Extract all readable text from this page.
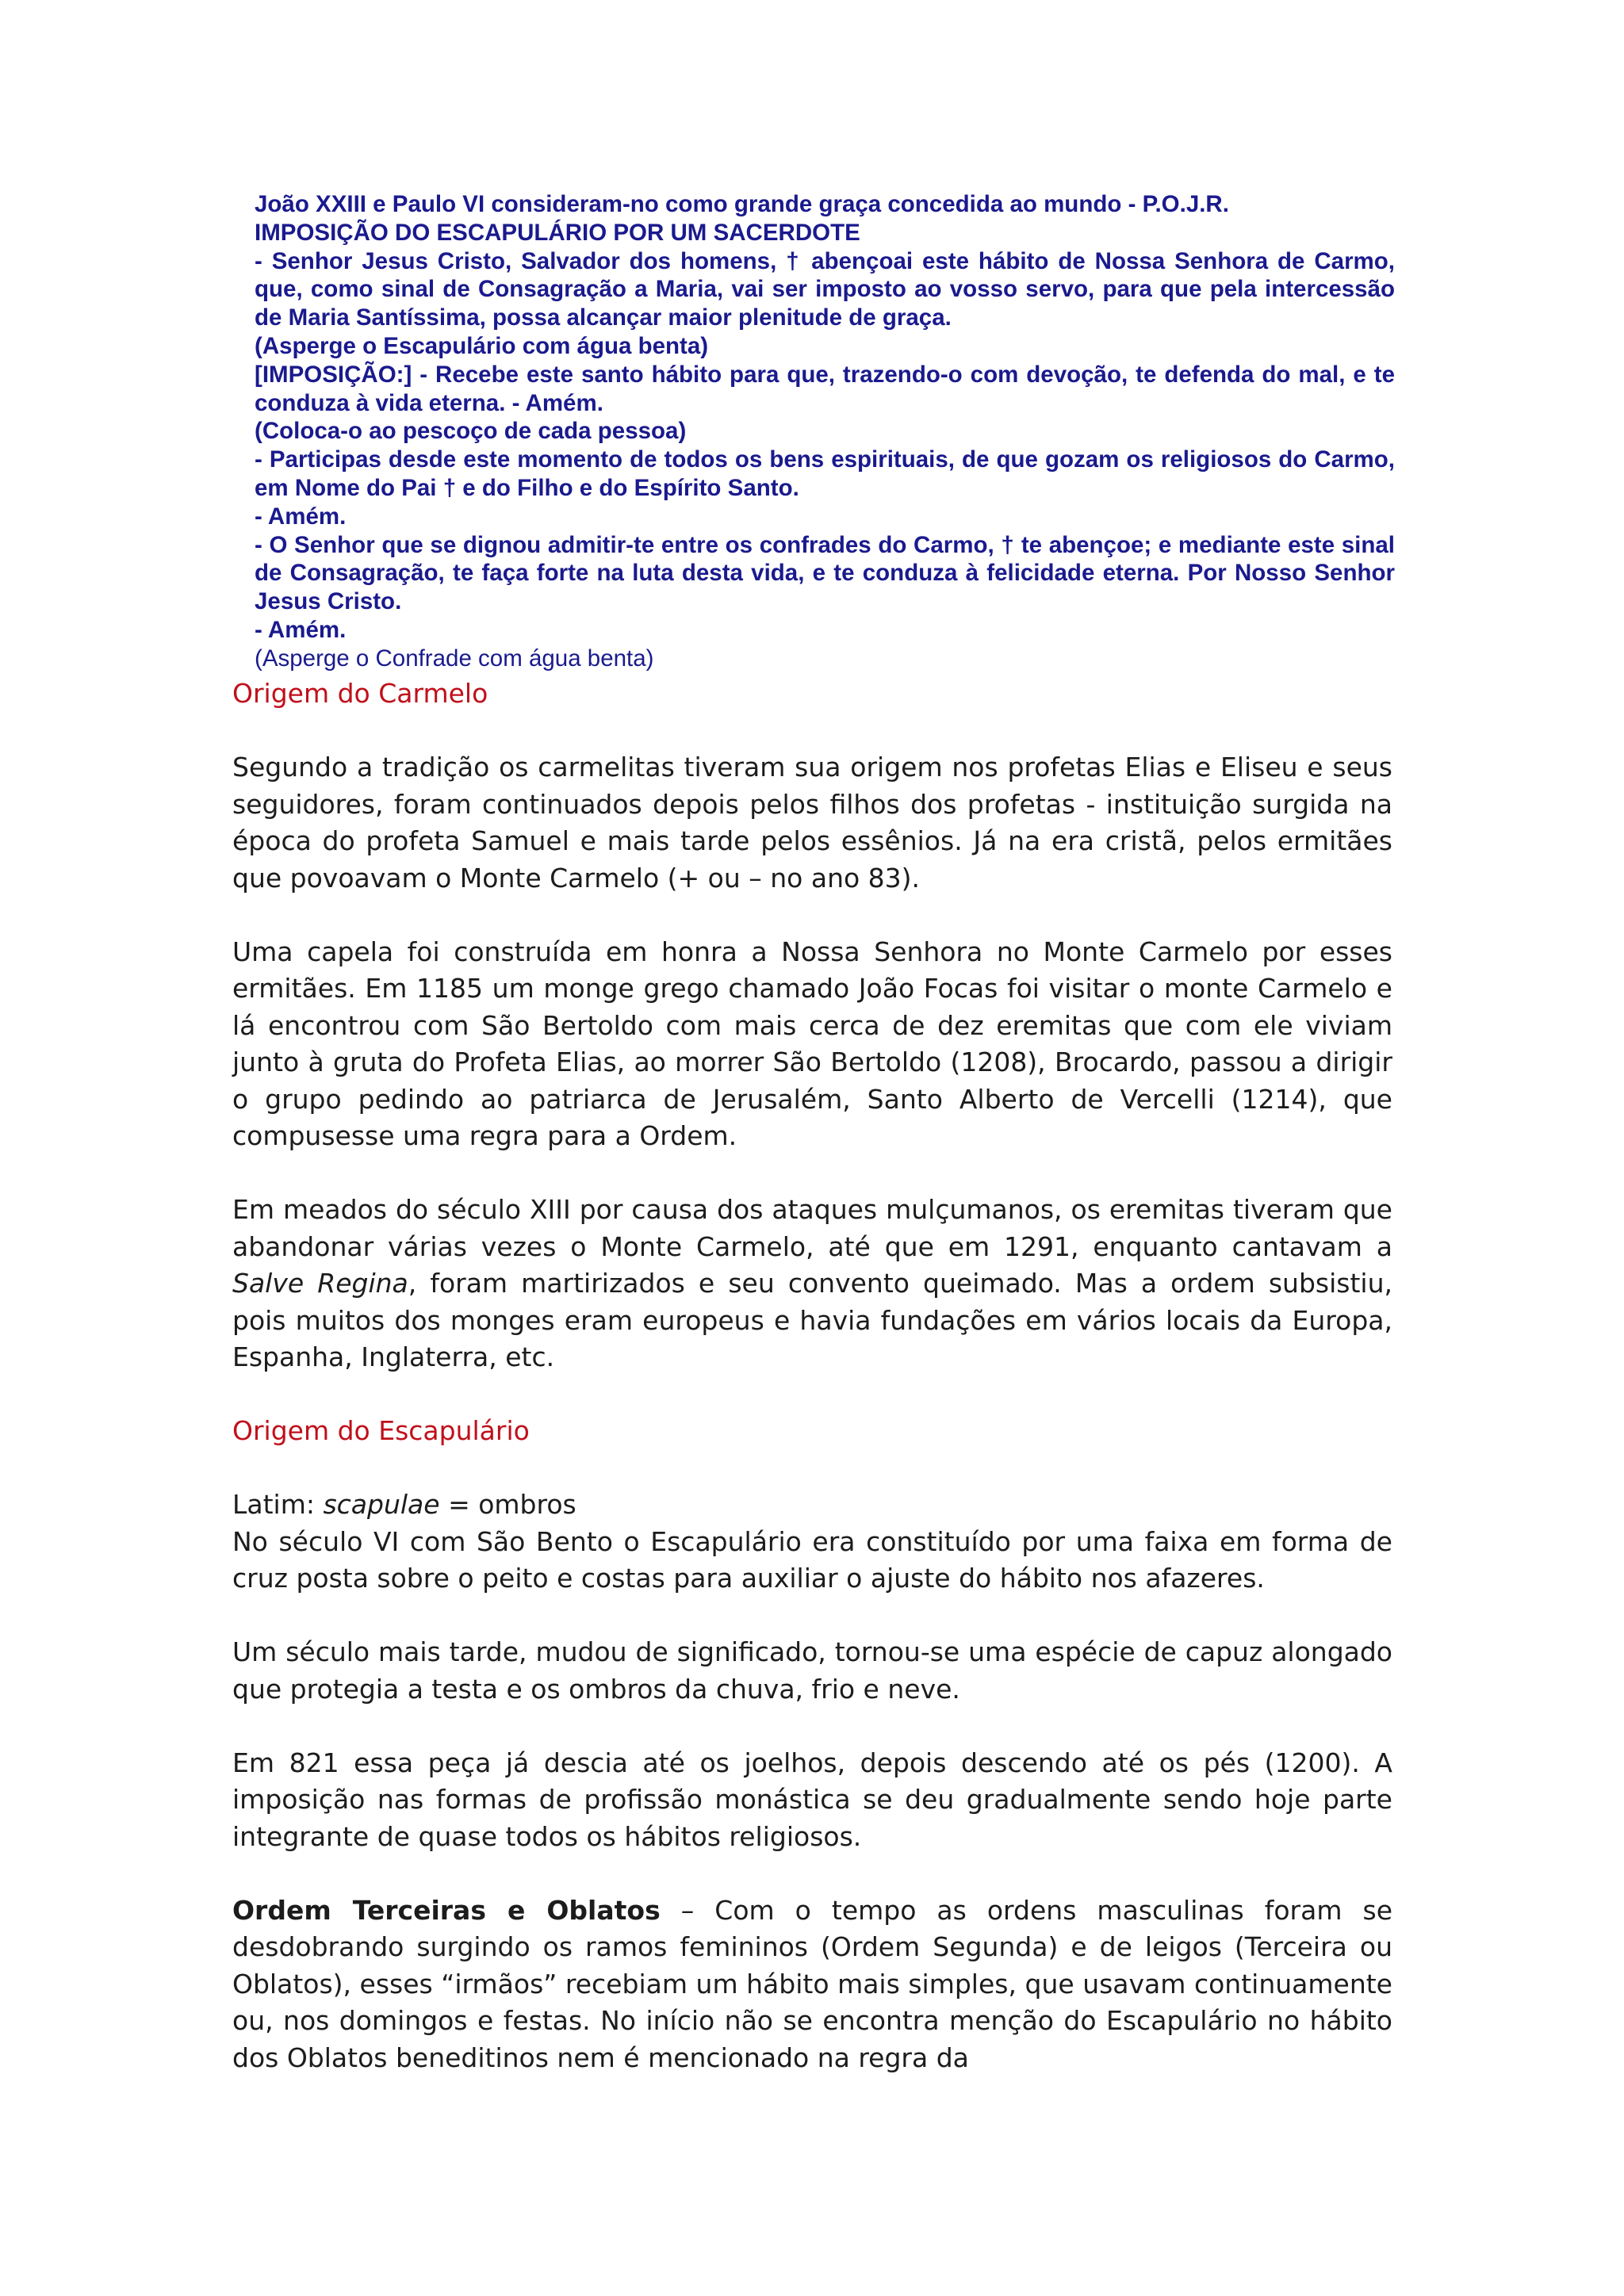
João XXIII e Paulo VI consideram-no como grande graça concedida ao mundo - P.O.J.R.

IMPOSIÇÃO DO ESCAPULÁRIO POR UM SACERDOTE

- Senhor Jesus Cristo, Salvador dos homens, † abençoai este hábito de Nossa Senhora de Carmo, que, como sinal de Consagração a Maria, vai ser imposto ao vosso servo, para que pela intercessão de Maria Santíssima, possa alcançar maior plenitude de graça.

(Asperge o Escapulário com água benta)

[IMPOSIÇÃO:] - Recebe este santo hábito para que, trazendo-o com devoção, te defenda do mal, e te conduza à vida eterna. - Amém.

(Coloca-o ao pescoço de cada pessoa)

- Participas desde este momento de todos os bens espirituais, de que gozam os religiosos do Carmo, em Nome do Pai † e do Filho e do Espírito Santo.

- Amém.

- O Senhor que se dignou admitir-te entre os confrades do Carmo, † te abençoe; e mediante este sinal de Consagração, te faça forte na luta desta vida, e te conduza à felicidade eterna. Por Nosso Senhor Jesus Cristo.

- Amém.

(Asperge o Confrade com água benta)

Origem do Carmelo

Segundo a tradição os carmelitas tiveram sua origem nos profetas Elias e Eliseu e seus seguidores, foram continuados depois pelos filhos dos profetas - instituição surgida na época do profeta Samuel e mais tarde pelos essênios. Já na era cristã, pelos ermitães que povoavam o Monte Carmelo (+ ou – no ano 83).

Uma capela foi construída em honra a Nossa Senhora no Monte Carmelo por esses ermitães. Em 1185 um monge grego chamado João Focas foi visitar o monte Carmelo e lá encontrou com São Bertoldo com mais cerca de dez eremitas que com ele viviam junto à gruta do Profeta Elias, ao morrer São Bertoldo (1208), Brocardo, passou a dirigir o grupo pedindo ao patriarca de Jerusalém, Santo Alberto de Vercelli (1214), que compusesse uma regra para a Ordem.

Em meados do século XIII por causa dos ataques mulçumanos, os eremitas tiveram que abandonar várias vezes o Monte Carmelo, até que em 1291, enquanto cantavam a Salve Regina, foram martirizados e seu convento queimado. Mas a ordem subsistiu, pois muitos dos monges eram europeus e havia fundações em vários locais da Europa, Espanha, Inglaterra, etc.

Origem do Escapulário

Latim: scapulae = ombros

No século VI com São Bento o Escapulário era constituído por uma faixa em forma de cruz posta sobre o peito e costas para auxiliar o ajuste do hábito nos afazeres.

Um século mais tarde, mudou de significado, tornou-se uma espécie de capuz alongado que protegia a testa e os ombros da chuva, frio e neve.

Em 821 essa peça já descia até os joelhos, depois descendo até os pés (1200). A imposição nas formas de profissão monástica se deu gradualmente sendo hoje parte integrante de quase todos os hábitos religiosos.

Ordem Terceiras e Oblatos – Com o tempo as ordens masculinas foram se desdobrando surgindo os ramos femininos (Ordem Segunda) e de leigos (Terceira ou Oblatos), esses “irmãos” recebiam um hábito mais simples, que usavam continuamente ou, nos domingos e festas. No início não se encontra menção do Escapulário no hábito dos Oblatos beneditinos nem é mencionado na regra da
